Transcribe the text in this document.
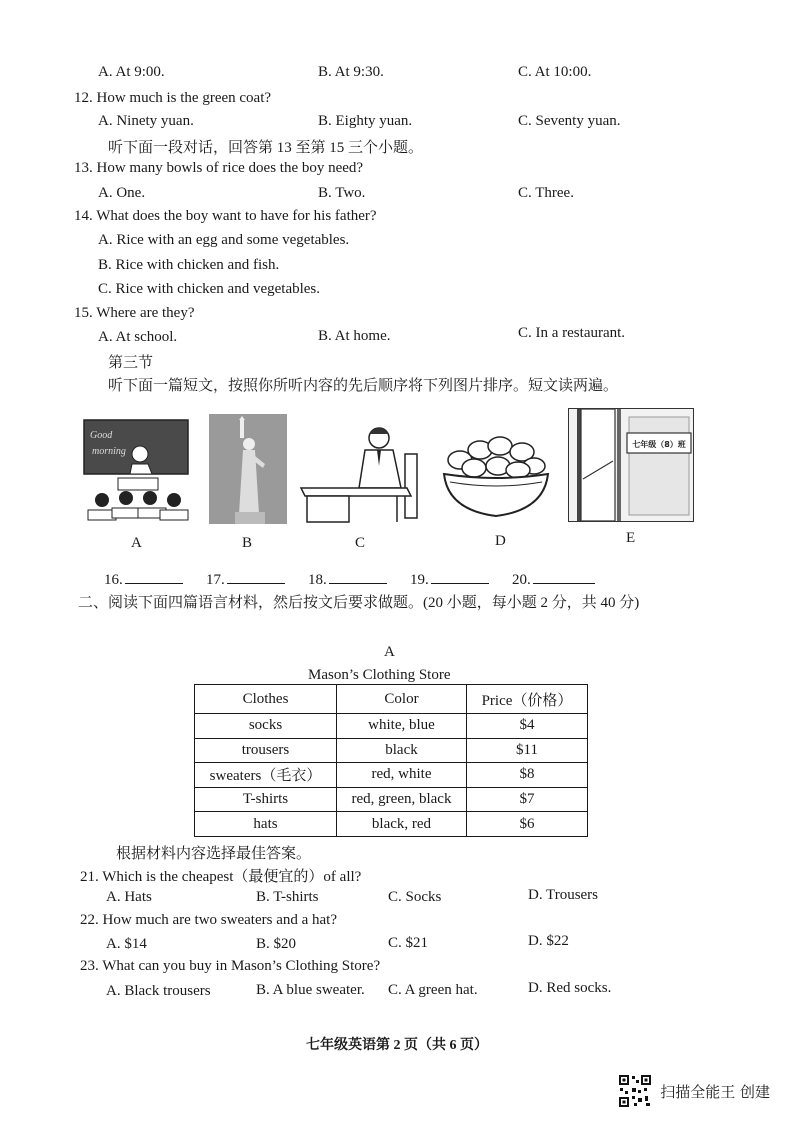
A. At 9:00.	B. At 9:30.	C. At 10:00.
12. How much is the green coat?
A. Ninety yuan.	B. Eighty yuan.	C. Seventy yuan.
听下面一段对话，回答第 13 至第 15 三个小题。
13. How many bowls of rice does the boy need?
A. One.	B. Two.	C. Three.
14. What does the boy want to have for his father?
A. Rice with an egg and some vegetables.
B. Rice with chicken and fish.
C. Rice with chicken and vegetables.
15. Where are they?
A. At school.	B. At home.	C. In a restaurant.
第三节
听下面一篇短文，按照你所听内容的先后顺序将下列图片排序。短文读两遍。
Good
morning
A	B	C	D
七年级（8）班
E
16.	17.	18.	19.	20.
二、阅读下面四篇语言材料，然后按文后要求做题。(20 小题，每小题 2 分，共 40 分)
A
Mason’s Clothing Store
Clothes	Color	Price（价格）
socks	white, blue	$4
trousers	black	$11
sweaters（毛衣）	red, white	$8
T-shirts	red, green, black	$7
hats	black, red	$6
根据材料内容选择最佳答案。
21. Which is the cheapest（最便宜的）of all?
A. Hats	B. T-shirts	C. Socks	D. Trousers
22. How much are two sweaters and a hat?
A. $14	B. $20	C. $21	D. $22
23. What can you buy in Mason’s Clothing Store?
A. Black trousers	B. A blue sweater. C. A green hat.	D. Red socks.
七年级英语第 2 页（共 6 页）
扫描全能王 创建
